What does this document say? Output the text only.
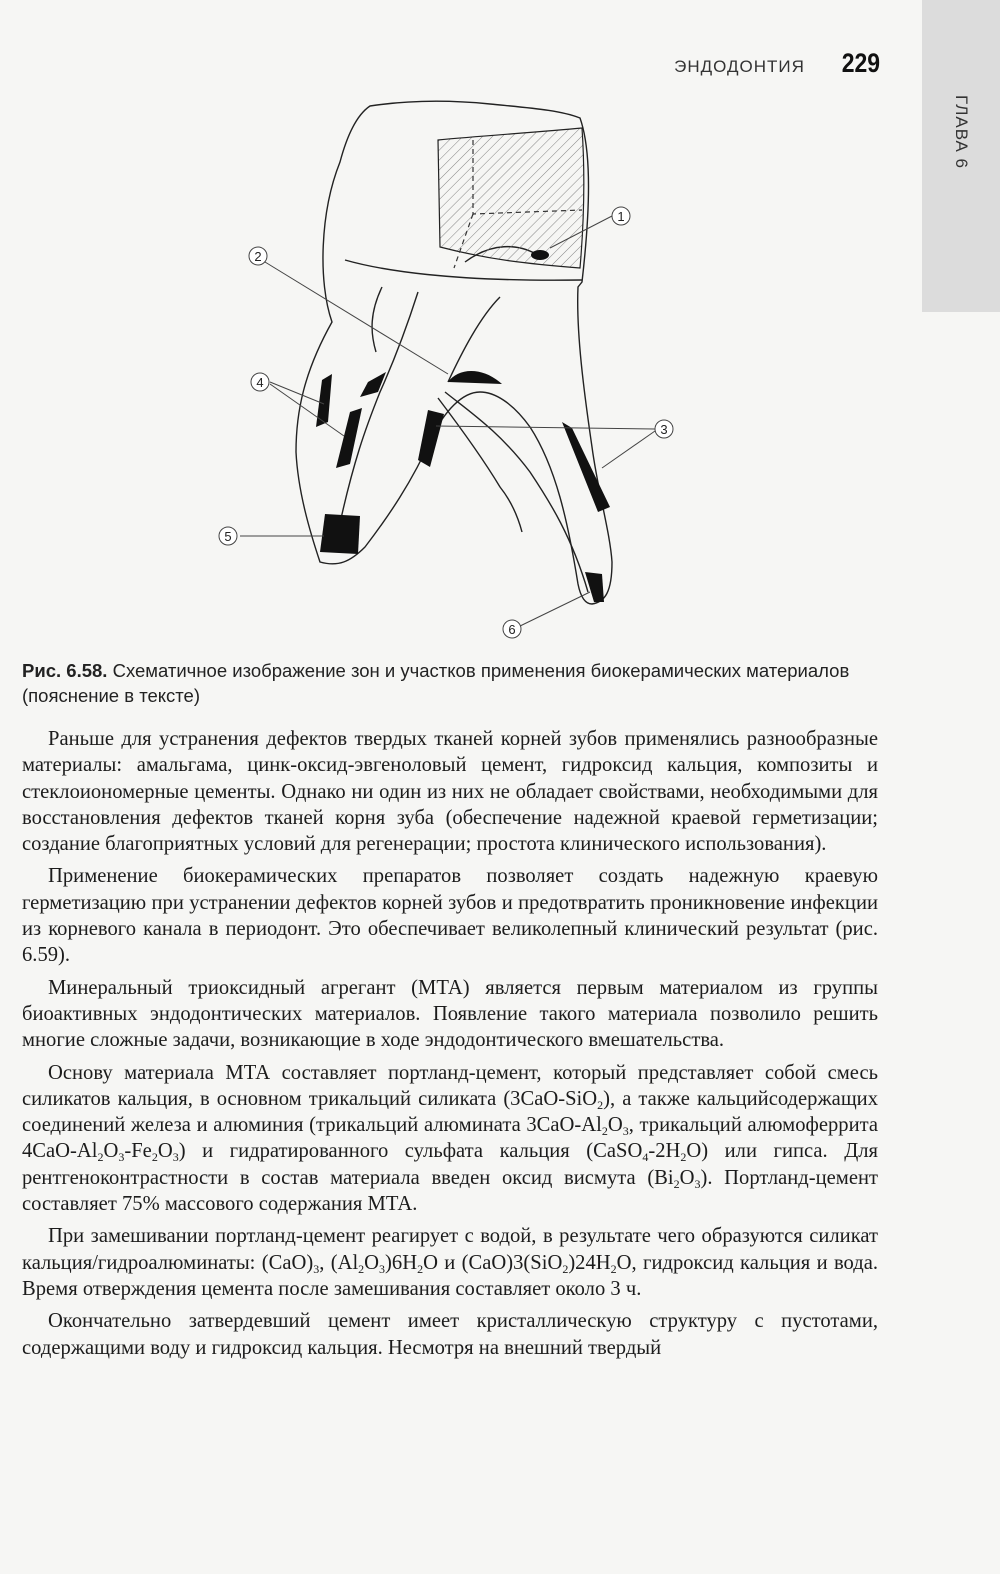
ГЛАВА 6
ЭНДОДОНТИЯ 229
1
2
3
4
5
6
Рис. 6.58. Схематичное изображение зон и участков применения биокерамических материалов (пояснение в тексте)

Раньше для устранения дефектов твердых тканей корней зубов применялись разнообразные материалы: амальгама, цинк-оксид-эвгеноловый цемент, гидроксид кальция, композиты и стеклоиономерные цементы. Однако ни один из них не обладает свойствами, необходимыми для восстановления дефектов тканей корня зуба (обеспечение надежной краевой герметизации; создание благоприятных условий для регенерации; простота клинического использования).

Применение биокерамических препаратов позволяет создать надежную краевую герметизацию при устранении дефектов корней зубов и предотвратить проникновение инфекции из корневого канала в периодонт. Это обеспечивает великолепный клинический результат (рис. 6.59).

Минеральный триоксидный агрегант (МТА) является первым материалом из группы биоактивных эндодонтических материалов. Появление такого материала позволило решить многие сложные задачи, возникающие в ходе эндодонтического вмешательства.

Основу материала МТА составляет портланд-цемент, который представляет собой смесь силикатов кальция, в основном трикальций силиката (3CaO-SiO$_2$), а также кальцийсодержащих соединений железа и алюминия (трикальций алюмината $3CaO-Al_2O_3$, трикальций алюмоферрита $4CaO-Al_2O_3-Fe_2O_3$) и гидратированного сульфата кальция $(CaSO_4-2H_2O)$ или гипса. Для рентгеноконтрастности в состав материала введен оксид висмута $(Bi_2O_3)$. Портланд-цемент составляет 75% массового содержания МТА.

При замешивании портланд-цемент реагирует с водой, в результате чего образуются силикат кальция/гидроалюминаты: $(CaO)_3$, $(Al_2O_3)6H_2O$ и $(CaO)3(SiO_2)24H_2O$, гидроксид кальция и вода. Время отверждения цемента после замешивания составляет около 3 ч.

Окончательно затвердевший цемент имеет кристаллическую структуру с пустотами, содержащими воду и гидроксид кальция. Несмотря на внешний твердый
